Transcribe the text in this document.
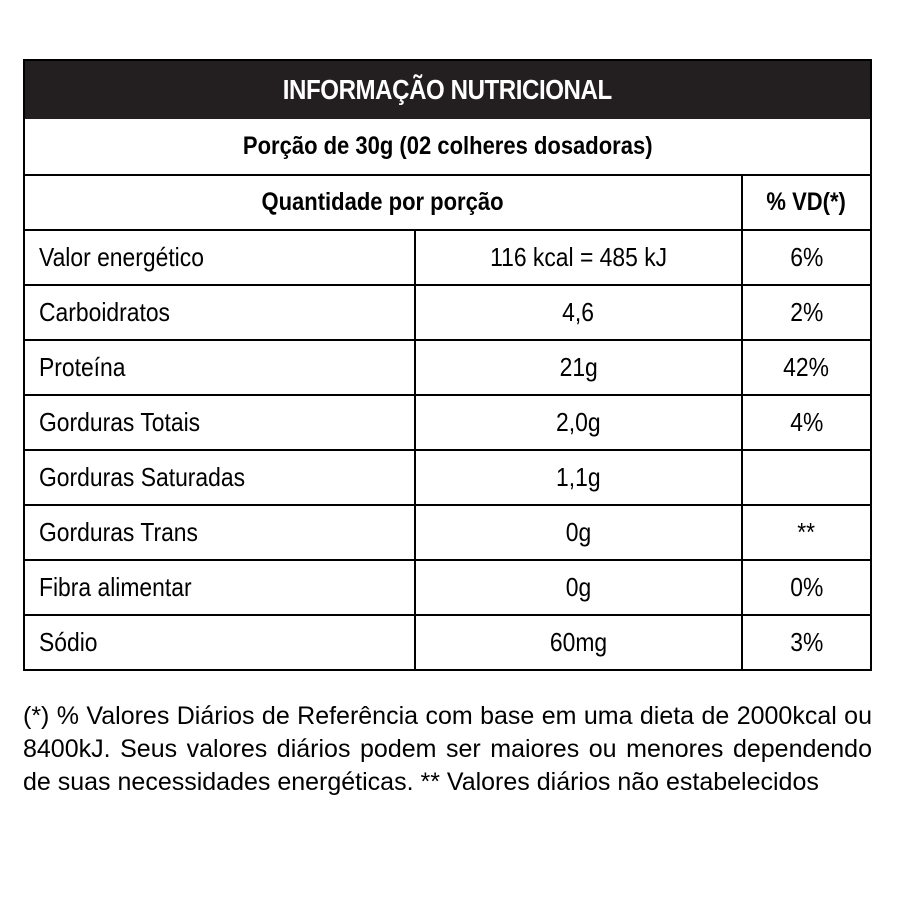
INFORMAÇÃO NUTRICIONAL
Porção de 30g (02 colheres dosadoras)
Quantidade por porção	% VD(*)
Valor energético	116 kcal = 485 kJ	6%
Carboidratos	4,6	2%
Proteína	21g	42%
Gorduras Totais	2,0g	4%
Gorduras Saturadas	1,1g
Gorduras Trans	0g	**
Fibra alimentar	0g	0%
Sódio	60mg	3%
(*) % Valores Diários de Referência com base em uma dieta de 2000kcal ou 8400kJ. Seus valores diários podem ser maiores ou menores dependendo de suas necessidades energéticas. ** Valores diários não estabelecidos
